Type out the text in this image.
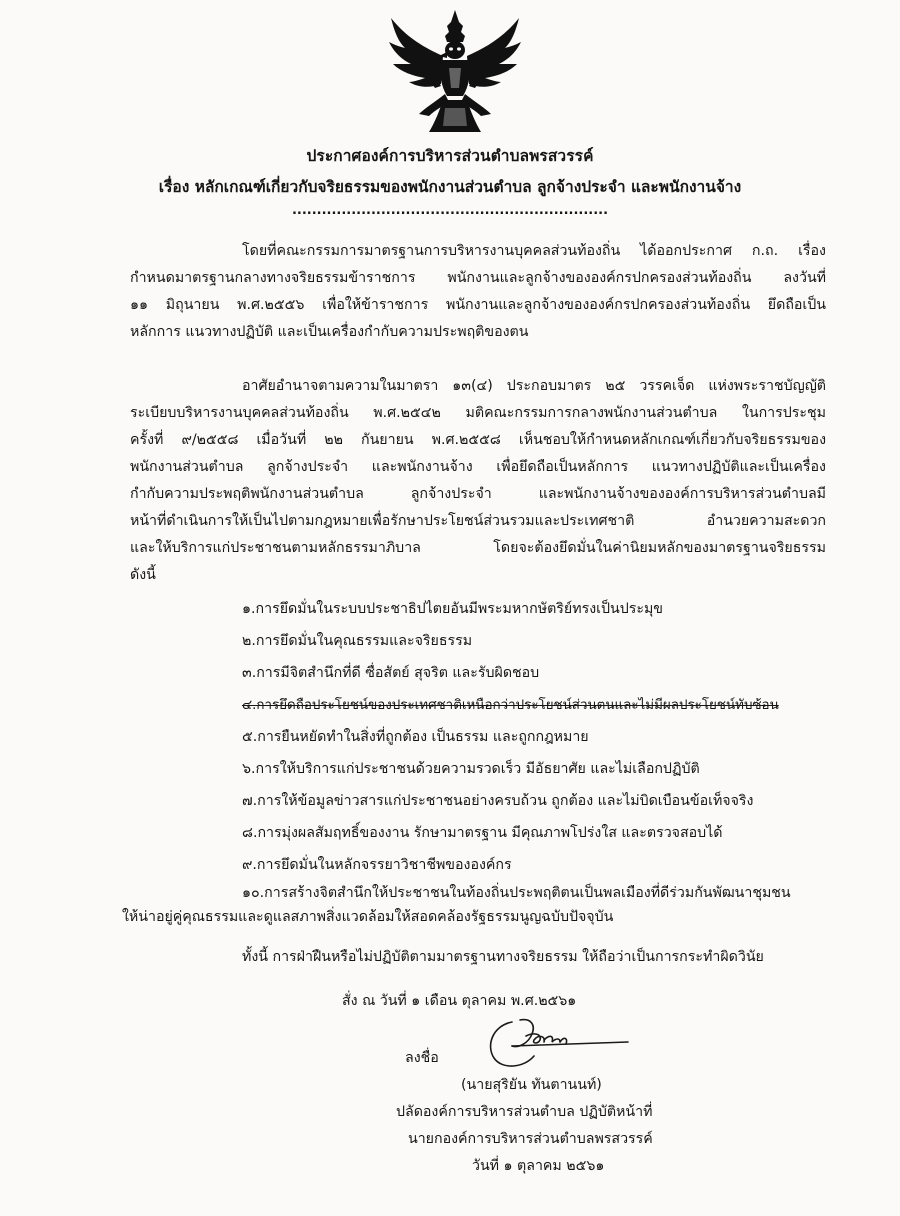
ประกาศองค์การบริหารส่วนตำบลพรสวรรค์
เรื่อง หลักเกณฑ์เกี่ยวกับจริยธรรมของพนักงานส่วนตำบล ลูกจ้างประจำ และพนักงานจ้าง
................................................................
โดยที่คณะกรรมการมาตรฐานการบริหารงานบุคคลส่วนท้องถิ่น ได้ออกประกาศ ก.ถ. เรื่อง
กำหนดมาตรฐานกลางทางจริยธรรมข้าราชการ พนักงานและลูกจ้างขององค์กรปกครองส่วนท้องถิ่น ลงวันที่
๑๑ มิถุนายน พ.ศ.๒๕๕๖ เพื่อให้ข้าราชการ พนักงานและลูกจ้างขององค์กรปกครองส่วนท้องถิ่น ยึดถือเป็น
หลักการ แนวทางปฏิบัติ และเป็นเครื่องกำกับความประพฤติของตน
อาศัยอำนาจตามความในมาตรา ๑๓(๔) ประกอบมาตร ๒๕ วรรคเจ็ด แห่งพระราชบัญญัติ
ระเบียบบริหารงานบุคคลส่วนท้องถิ่น พ.ศ.๒๕๔๒ มติคณะกรรมการกลางพนักงานส่วนตำบล ในการประชุม
ครั้งที่ ๙/๒๕๕๘ เมื่อวันที่ ๒๒ กันยายน พ.ศ.๒๕๕๘ เห็นชอบให้กำหนดหลักเกณฑ์เกี่ยวกับจริยธรรมของ
พนักงานส่วนตำบล ลูกจ้างประจำ และพนักงานจ้าง เพื่อยึดถือเป็นหลักการ แนวทางปฏิบัติและเป็นเครื่อง
กำกับความประพฤติพนักงานส่วนตำบล ลูกจ้างประจำ และพนักงานจ้างขององค์การบริหารส่วนตำบลมี
หน้าที่ดำเนินการให้เป็นไปตามกฎหมายเพื่อรักษาประโยชน์ส่วนรวมและประเทศชาติ อำนวยความสะดวก
และให้บริการแก่ประชาชนตามหลักธรรมาภิบาล โดยจะต้องยึดมั่นในค่านิยมหลักของมาตรฐานจริยธรรม
ดังนี้
๑.การยึดมั่นในระบบประชาธิปไตยอันมีพระมหากษัตริย์ทรงเป็นประมุข
๒.การยึดมั่นในคุณธรรมและจริยธรรม
๓.การมีจิตสำนึกที่ดี ซื่อสัตย์ สุจริต และรับผิดชอบ
๔.การยึดถือประโยชน์ของประเทศชาติเหนือกว่าประโยชน์ส่วนตนและไม่มีผลประโยชน์ทับซ้อน
๕.การยืนหยัดทำในสิ่งที่ถูกต้อง เป็นธรรม และถูกกฎหมาย
๖.การให้บริการแก่ประชาชนด้วยความรวดเร็ว มีอัธยาศัย และไม่เลือกปฏิบัติ
๗.การให้ข้อมูลข่าวสารแก่ประชาชนอย่างครบถ้วน ถูกต้อง และไม่บิดเบือนข้อเท็จจริง
๘.การมุ่งผลสัมฤทธิ์ของงาน รักษามาตรฐาน มีคุณภาพโปร่งใส และตรวจสอบได้
๙.การยึดมั่นในหลักจรรยาวิชาชีพขององค์กร
๑๐.การสร้างจิตสำนึกให้ประชาชนในท้องถิ่นประพฤติตนเป็นพลเมืองที่ดีร่วมกันพัฒนาชุมชน
ให้น่าอยู่คู่คุณธรรมและดูแลสภาพสิ่งแวดล้อมให้สอดคล้องรัฐธรรมนูญฉบับปัจจุบัน
ทั้งนี้ การฝ่าฝืนหรือไม่ปฏิบัติตามมาตรฐานทางจริยธรรม ให้ถือว่าเป็นการกระทำผิดวินัย
สั่ง ณ วันที่ ๑ เดือน ตุลาคม พ.ศ.๒๕๖๑
ลงชื่อ
(นายสุริยัน ทันตานนท์)
ปลัดองค์การบริหารส่วนตำบล ปฏิบัติหน้าที่
นายกองค์การบริหารส่วนตำบลพรสวรรค์
วันที่ ๑ ตุลาคม ๒๕๖๑
